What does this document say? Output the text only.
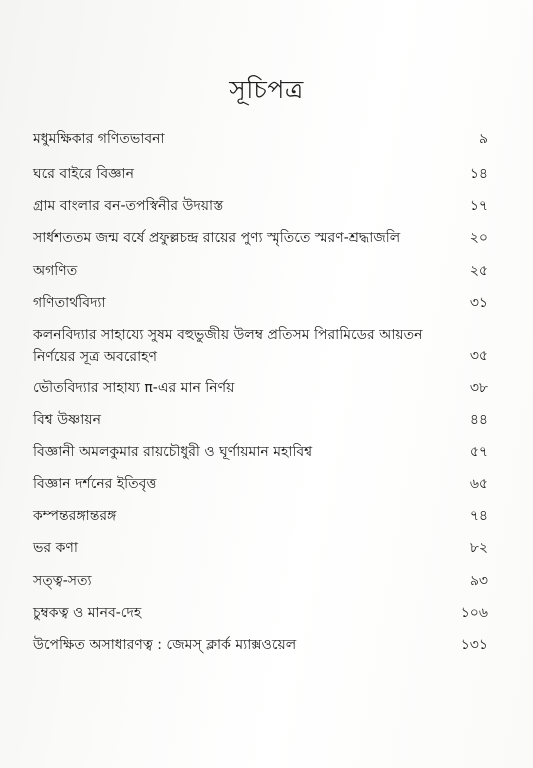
সূচিপত্র
মধুমক্ষিকার গণিতভাবনা	৯
ঘরে বাইরে বিজ্ঞান	১৪
গ্রাম বাংলার বন-তপস্বিনীর উদয়াস্ত	১৭
সার্ধশততম জন্ম বর্ষে প্রফুল্লচন্দ্র রায়ের পুণ্য স্মৃতিতে স্মরণ-শ্রদ্ধাজলি	২০
অগণিত	২৫
গণিতার্থবিদ্যা	৩১
কলনবিদ্যার সাহায্যে সুষম বহুভুজীয় উলম্ব প্রতিসম পিরামিডের আয়তন নির্ণয়ের সূত্র অবরোহণ	৩৫
ভৌতবিদ্যার সাহায্য π-এর মান নির্ণয়	৩৮
বিশ্ব উষ্ণায়ন	৪৪
বিজ্ঞানী অমলকুমার রায়চৌধুরী ও ঘূর্ণায়মান মহাবিশ্ব	৫৭
বিজ্ঞান দর্শনের ইতিবৃত্ত	৬৫
কম্পন্তরঙ্গান্তরঙ্গ	৭৪
ভর কণা	৮২
সত্ত্ব-সত্য	৯৩
চুম্বকত্ব ও মানব-দেহ	১০৬
উপেক্ষিত অসাধারণত্ব : জেমস্ ক্লার্ক ম্যাক্সওয়েল	১৩১
